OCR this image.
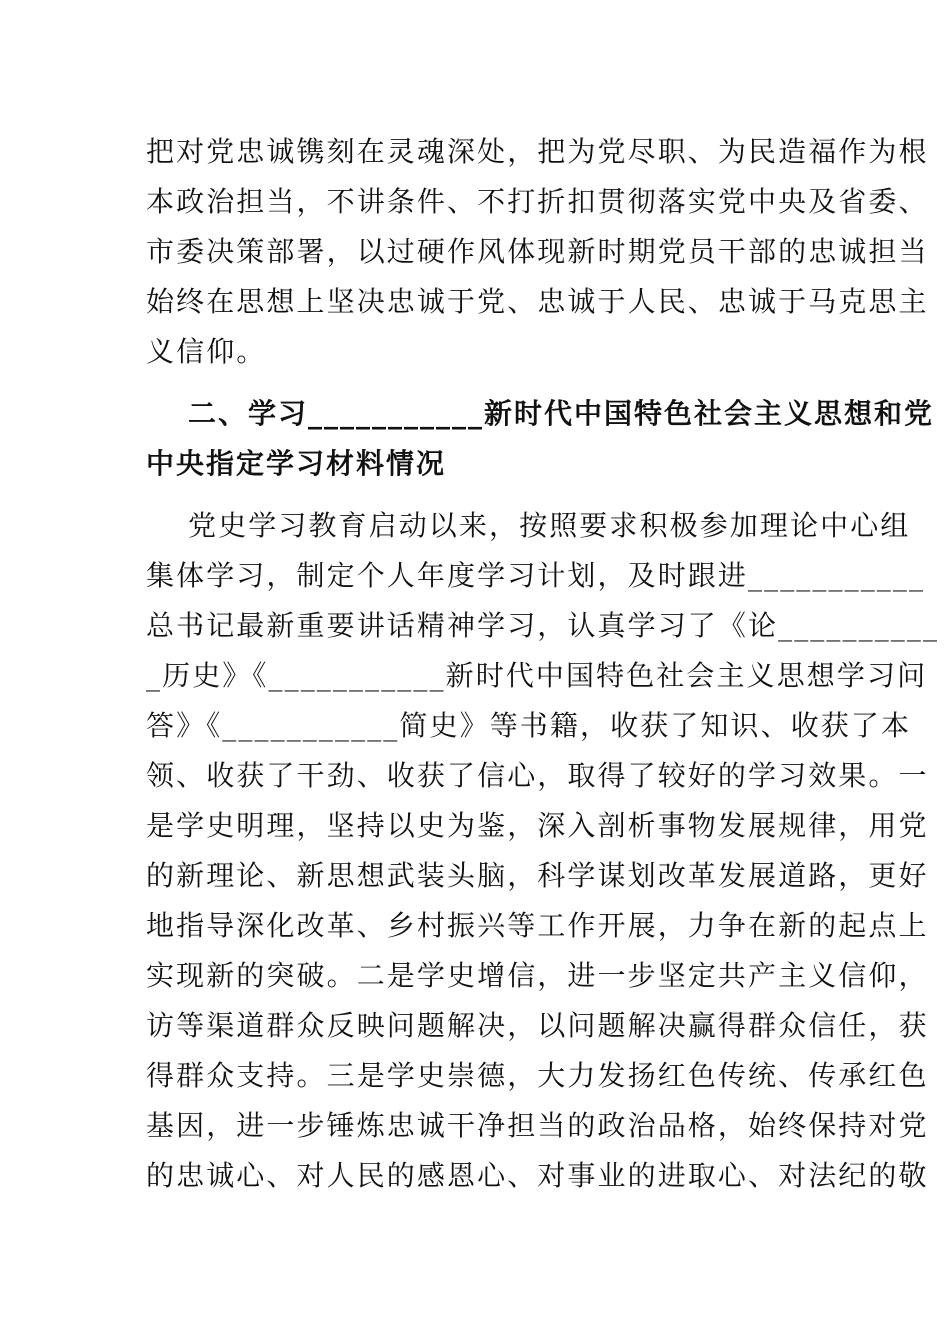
把对党忠诚镌刻在灵魂深处，把为党尽职、为民造福作为根
本政治担当，不讲条件、不打折扣贯彻落实党中央及省委、
市委决策部署，以过硬作风体现新时期党员干部的忠诚担当
始终在思想上坚决忠诚于党、忠诚于人民、忠诚于马克思主
义信仰。
二、学习___________新时代中国特色社会主义思想和党
中央指定学习材料情况
党史学习教育启动以来，按照要求积极参加理论中心组
集体学习，制定个人年度学习计划，及时跟进___________
总书记最新重要讲话精神学习，认真学习了《论__________
_历史》《___________新时代中国特色社会主义思想学习问
答》《___________简史》等书籍，收获了知识、收获了本
领、收获了干劲、收获了信心，取得了较好的学习效果。一
是学史明理，坚持以史为鉴，深入剖析事物发展规律，用党
的新理论、新思想武装头脑，科学谋划改革发展道路，更好
地指导深化改革、乡村振兴等工作开展，力争在新的起点上
实现新的突破。二是学史增信，进一步坚定共产主义信仰，
访等渠道群众反映问题解决，以问题解决赢得群众信任，获
得群众支持。三是学史崇德，大力发扬红色传统、传承红色
基因，进一步锤炼忠诚干净担当的政治品格，始终保持对党
的忠诚心、对人民的感恩心、对事业的进取心、对法纪的敬
